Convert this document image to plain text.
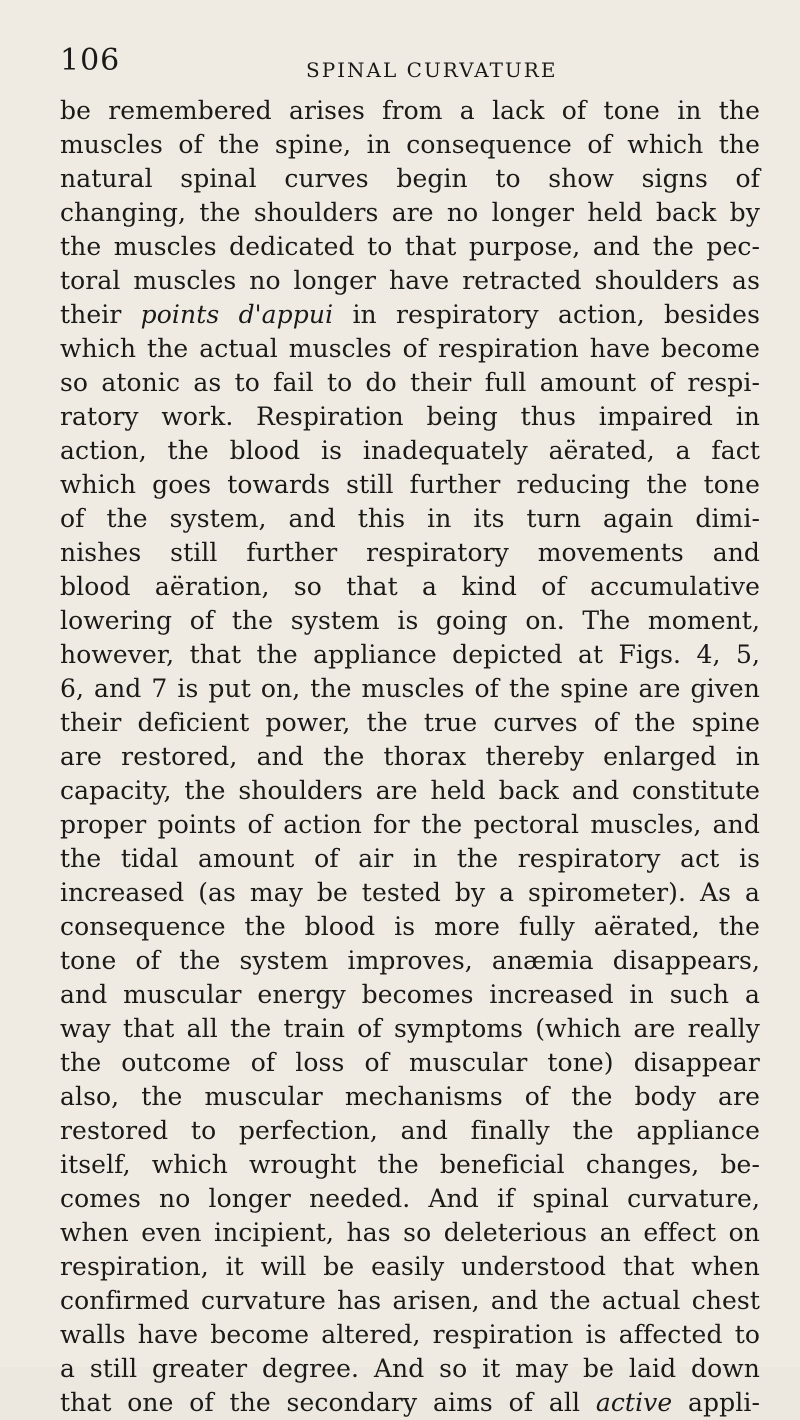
106	SPINAL CURVATURE
be remembered arises from a lack of tone in the
muscles of the spine, in consequence of which the
natural spinal curves begin to show signs of
changing, the shoulders are no longer held back by
the muscles dedicated to that purpose, and the pec-
toral muscles no longer have retracted shoulders as
their points d'appui in respiratory action, besides
which the actual muscles of respiration have become
so atonic as to fail to do their full amount of respi-
ratory work. Respiration being thus impaired in
action, the blood is inadequately aërated, a fact
which goes towards still further reducing the tone
of the system, and this in its turn again dimi-
nishes still further respiratory movements and
blood aëration, so that a kind of accumulative
lowering of the system is going on. The moment,
however, that the appliance depicted at Figs. 4, 5,
6, and 7 is put on, the muscles of the spine are given
their deficient power, the true curves of the spine
are restored, and the thorax thereby enlarged in
capacity, the shoulders are held back and constitute
proper points of action for the pectoral muscles, and
the tidal amount of air in the respiratory act is
increased (as may be tested by a spirometer). As a
consequence the blood is more fully aërated, the
tone of the system improves, anæmia disappears,
and muscular energy becomes increased in such a
way that all the train of symptoms (which are really
the outcome of loss of muscular tone) disappear
also, the muscular mechanisms of the body are
restored to perfection, and finally the appliance
itself, which wrought the beneficial changes, be-
comes no longer needed. And if spinal curvature,
when even incipient, has so deleterious an effect on
respiration, it will be easily understood that when
confirmed curvature has arisen, and the actual chest
walls have become altered, respiration is affected to
a still greater degree. And so it may be laid down
that one of the secondary aims of all active appli-
